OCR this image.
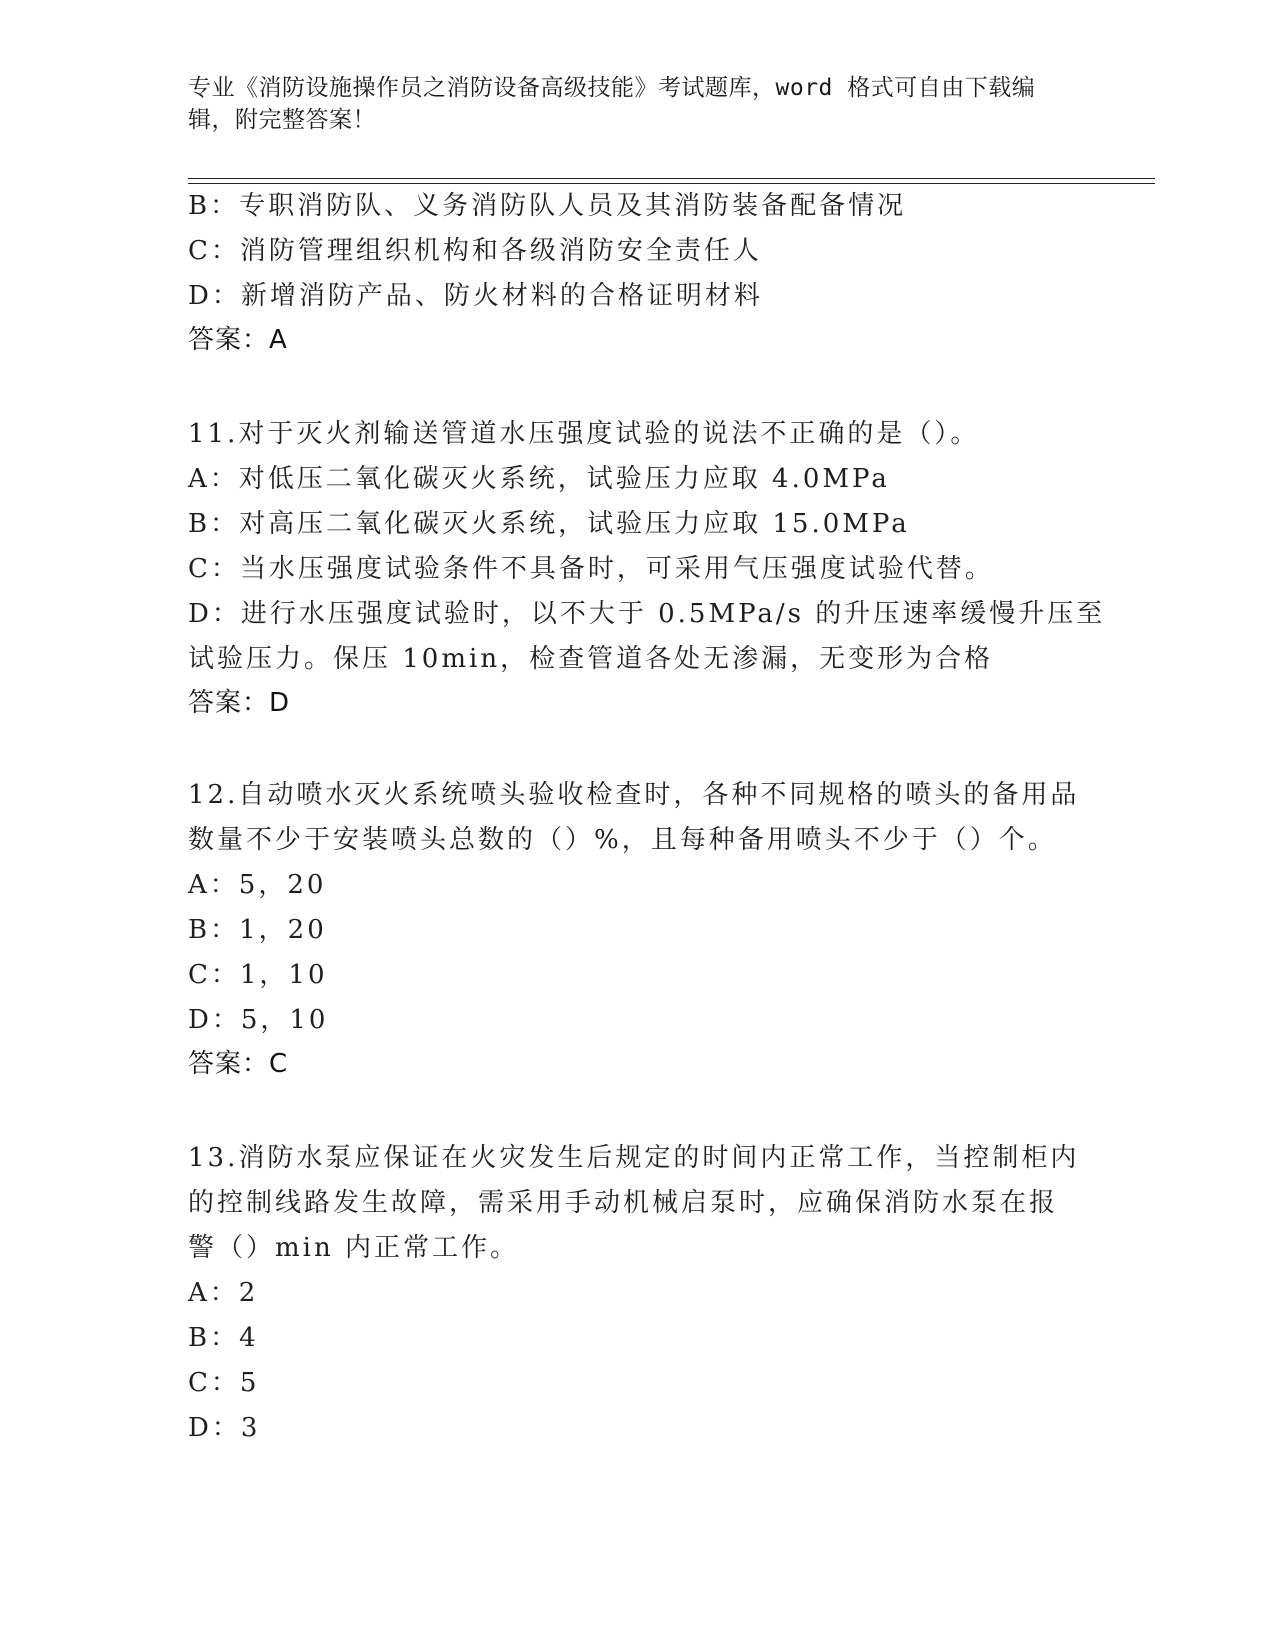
专业《消防设施操作员之消防设备高级技能》考试题库，word 格式可自由下载编
辑，附完整答案！
B：专职消防队、义务消防队人员及其消防装备配备情况
C：消防管理组织机构和各级消防安全责任人
D：新增消防产品、防火材料的合格证明材料
答案：A
11.对于灭火剂输送管道水压强度试验的说法不正确的是（）。
A：对低压二氧化碳灭火系统，试验压力应取 4.0MPa
B：对高压二氧化碳灭火系统，试验压力应取 15.0MPa
C：当水压强度试验条件不具备时，可采用气压强度试验代替。
D：进行水压强度试验时，以不大于 0.5MPa/s 的升压速率缓慢升压至
试验压力。保压 10min，检查管道各处无渗漏，无变形为合格
答案：D
12.自动喷水灭火系统喷头验收检查时，各种不同规格的喷头的备用品
数量不少于安装喷头总数的（）%，且每种备用喷头不少于（）个。
A：5，20
B：1，20
C：1，10
D：5，10
答案：C
13.消防水泵应保证在火灾发生后规定的时间内正常工作，当控制柜内
的控制线路发生故障，需采用手动机械启泵时，应确保消防水泵在报
警（）min 内正常工作。
A：2
B：4
C：5
D：3
